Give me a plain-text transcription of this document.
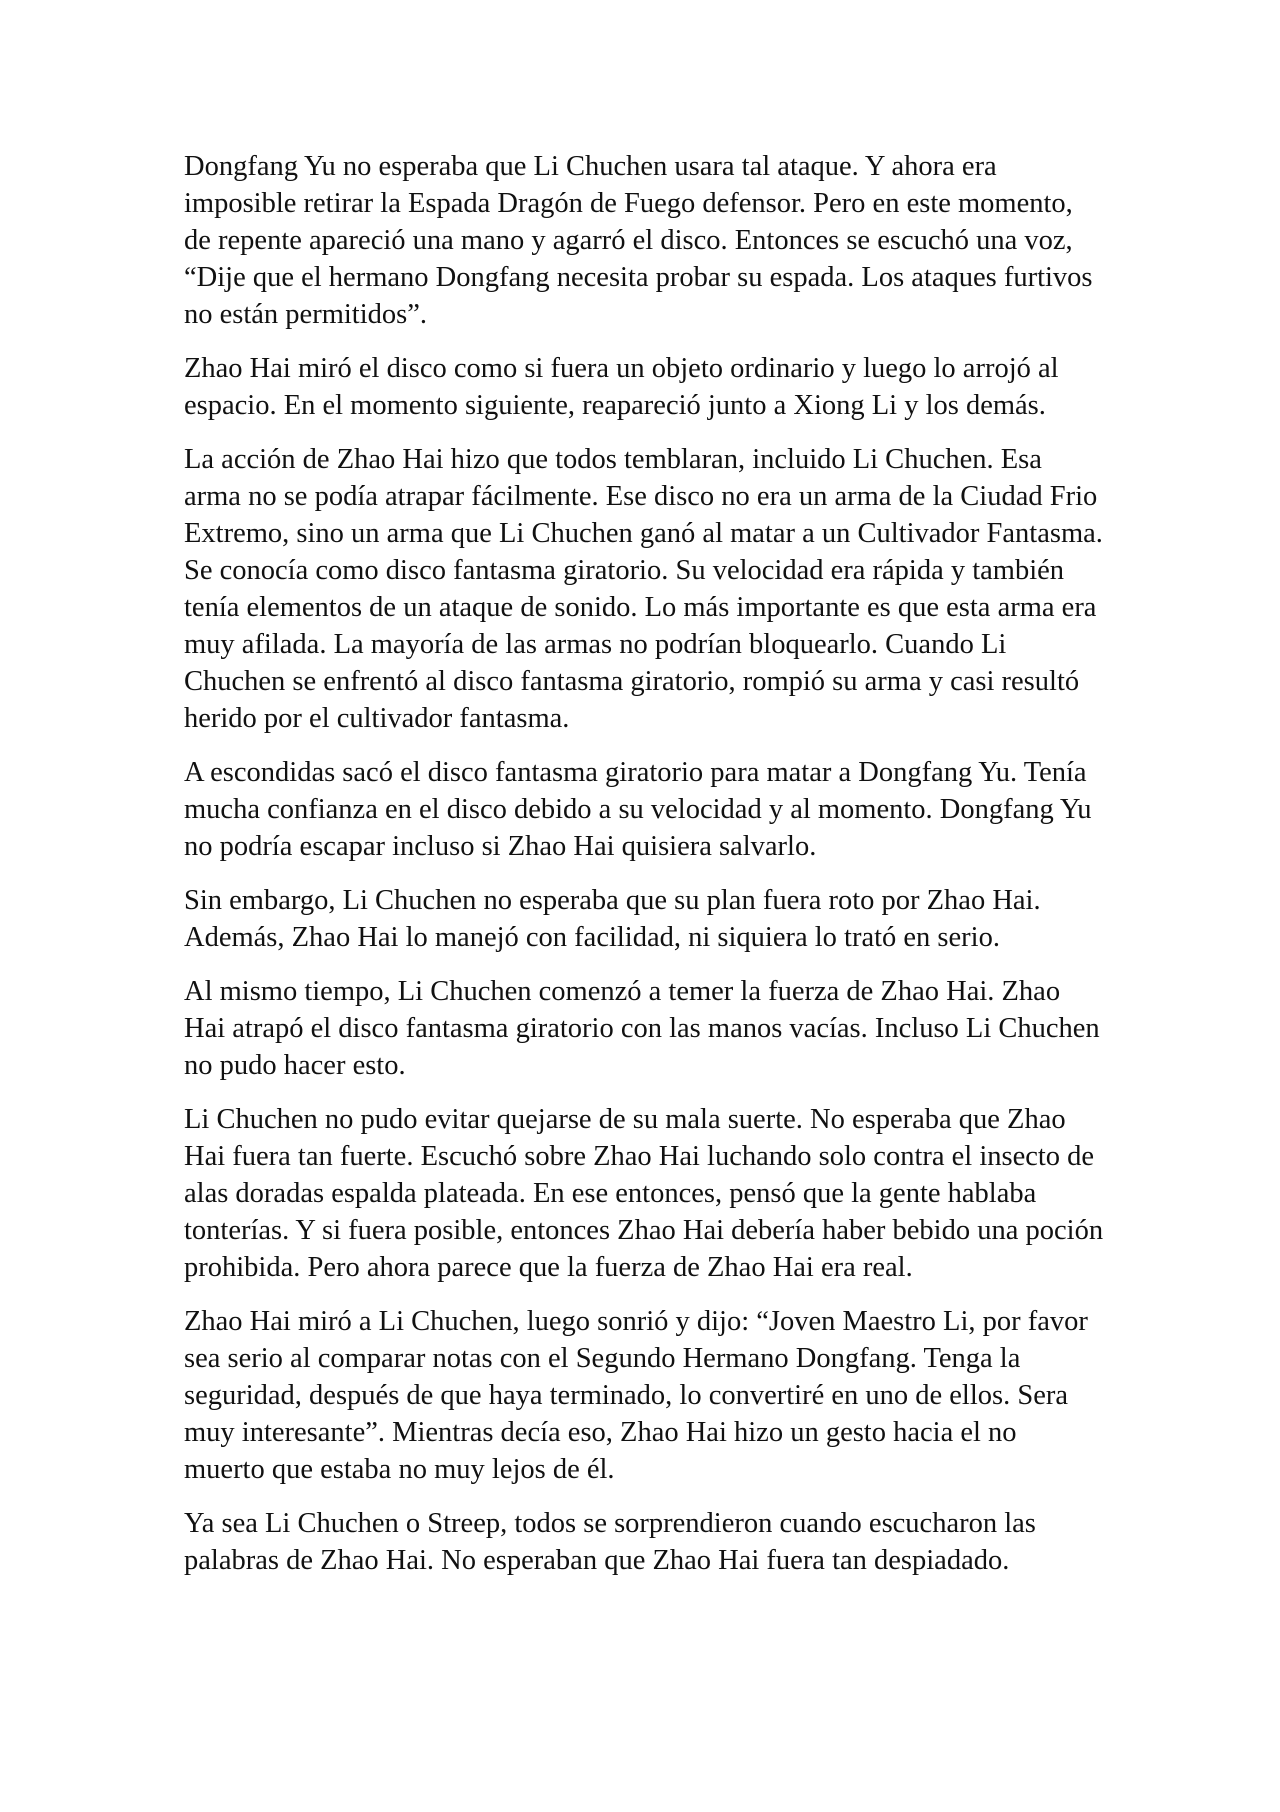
Dongfang Yu no esperaba que Li Chuchen usara tal ataque. Y ahora era imposible retirar la Espada Dragón de Fuego defensor. Pero en este momento, de repente apareció una mano y agarró el disco. Entonces se escuchó una voz, “Dije que el hermano Dongfang necesita probar su espada. Los ataques furtivos no están permitidos”.

Zhao Hai miró el disco como si fuera un objeto ordinario y luego lo arrojó al espacio. En el momento siguiente, reapareció junto a Xiong Li y los demás.

La acción de Zhao Hai hizo que todos temblaran, incluido Li Chuchen. Esa arma no se podía atrapar fácilmente. Ese disco no era un arma de la Ciudad Frio Extremo, sino un arma que Li Chuchen ganó al matar a un Cultivador Fantasma. Se conocía como disco fantasma giratorio. Su velocidad era rápida y también tenía elementos de un ataque de sonido. Lo más importante es que esta arma era muy afilada. La mayoría de las armas no podrían bloquearlo. Cuando Li Chuchen se enfrentó al disco fantasma giratorio, rompió su arma y casi resultó herido por el cultivador fantasma.

A escondidas sacó el disco fantasma giratorio para matar a Dongfang Yu. Tenía mucha confianza en el disco debido a su velocidad y al momento. Dongfang Yu no podría escapar incluso si Zhao Hai quisiera salvarlo.

Sin embargo, Li Chuchen no esperaba que su plan fuera roto por Zhao Hai. Además, Zhao Hai lo manejó con facilidad, ni siquiera lo trató en serio.

Al mismo tiempo, Li Chuchen comenzó a temer la fuerza de Zhao Hai. Zhao Hai atrapó el disco fantasma giratorio con las manos vacías. Incluso Li Chuchen no pudo hacer esto.

Li Chuchen no pudo evitar quejarse de su mala suerte. No esperaba que Zhao Hai fuera tan fuerte. Escuchó sobre Zhao Hai luchando solo contra el insecto de alas doradas espalda plateada. En ese entonces, pensó que la gente hablaba tonterías. Y si fuera posible, entonces Zhao Hai debería haber bebido una poción prohibida. Pero ahora parece que la fuerza de Zhao Hai era real.

Zhao Hai miró a Li Chuchen, luego sonrió y dijo: “Joven Maestro Li, por favor sea serio al comparar notas con el Segundo Hermano Dongfang. Tenga la seguridad, después de que haya terminado, lo convertiré en uno de ellos. Sera muy interesante”. Mientras decía eso, Zhao Hai hizo un gesto hacia el no muerto que estaba no muy lejos de él.

Ya sea Li Chuchen o Streep, todos se sorprendieron cuando escucharon las palabras de Zhao Hai. No esperaban que Zhao Hai fuera tan despiadado.
